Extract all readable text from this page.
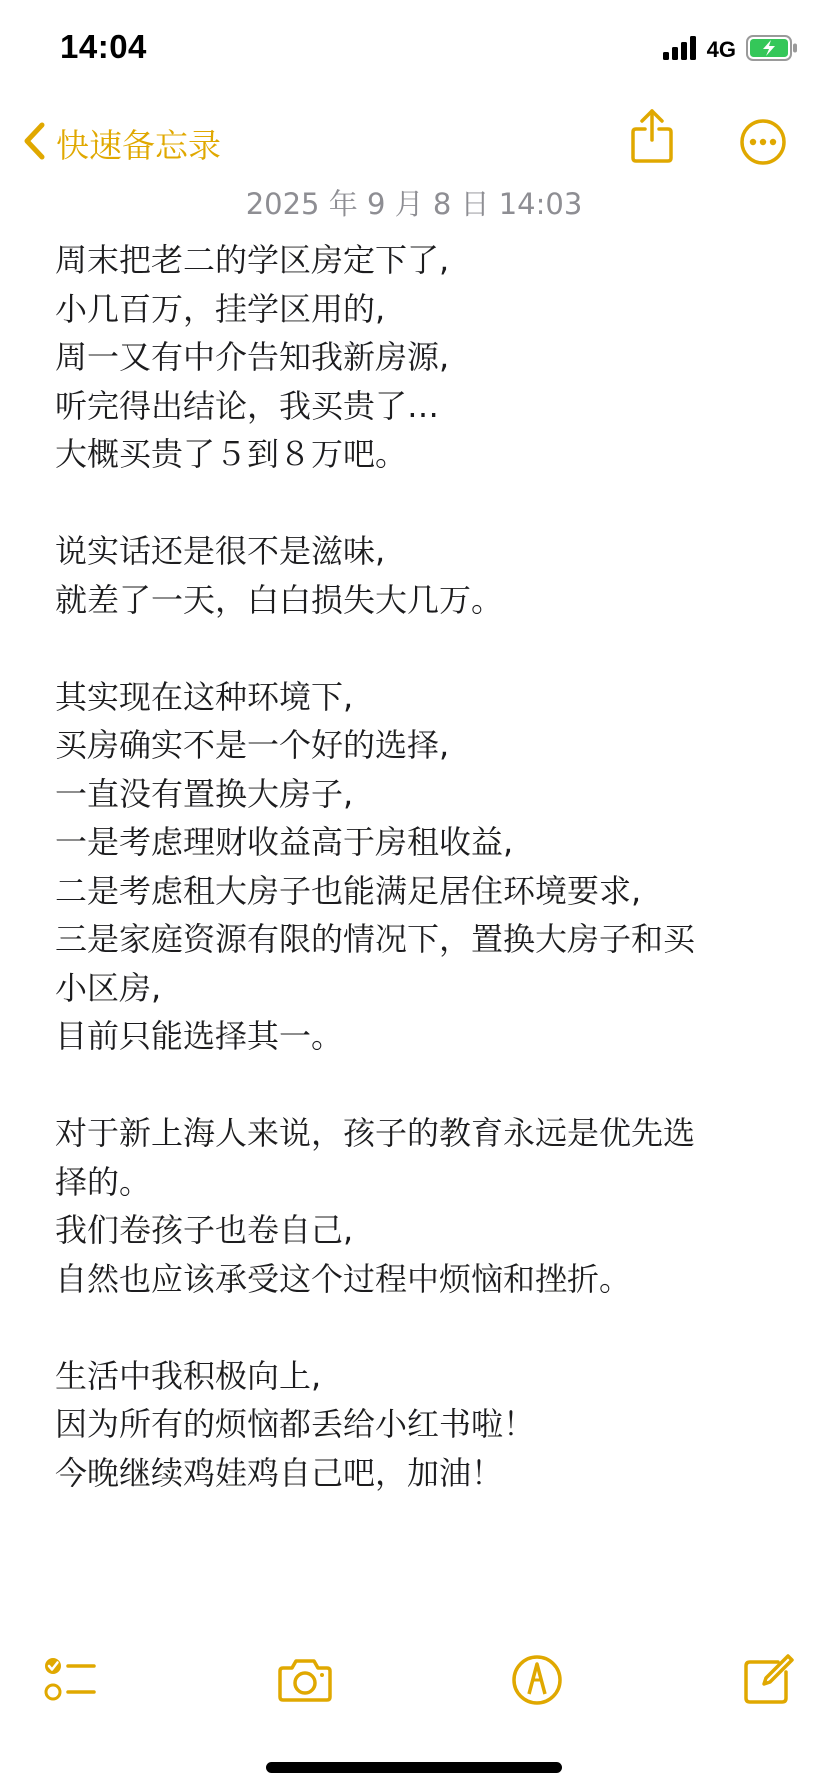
14:04	4G
快速备忘录
2025 年 9 月 8 日 14:03
周末把老二的学区房定下了,
小几百万，挂学区用的,
周一又有中介告知我新房源,
听完得出结论，我买贵了…
大概买贵了５到８万吧。
说实话还是很不是滋味,
就差了一天，白白损失大几万。
其实现在这种环境下,
买房确实不是一个好的选择,
一直没有置换大房子,
一是考虑理财收益高于房租收益,
二是考虑租大房子也能满足居住环境要求,
三是家庭资源有限的情况下，置换大房子和买
小区房,
目前只能选择其一。
对于新上海人来说，孩子的教育永远是优先选
择的。
我们卷孩子也卷自己,
自然也应该承受这个过程中烦恼和挫折。
生活中我积极向上,
因为所有的烦恼都丢给小红书啦！
今晚继续鸡娃鸡自己吧，加油！
